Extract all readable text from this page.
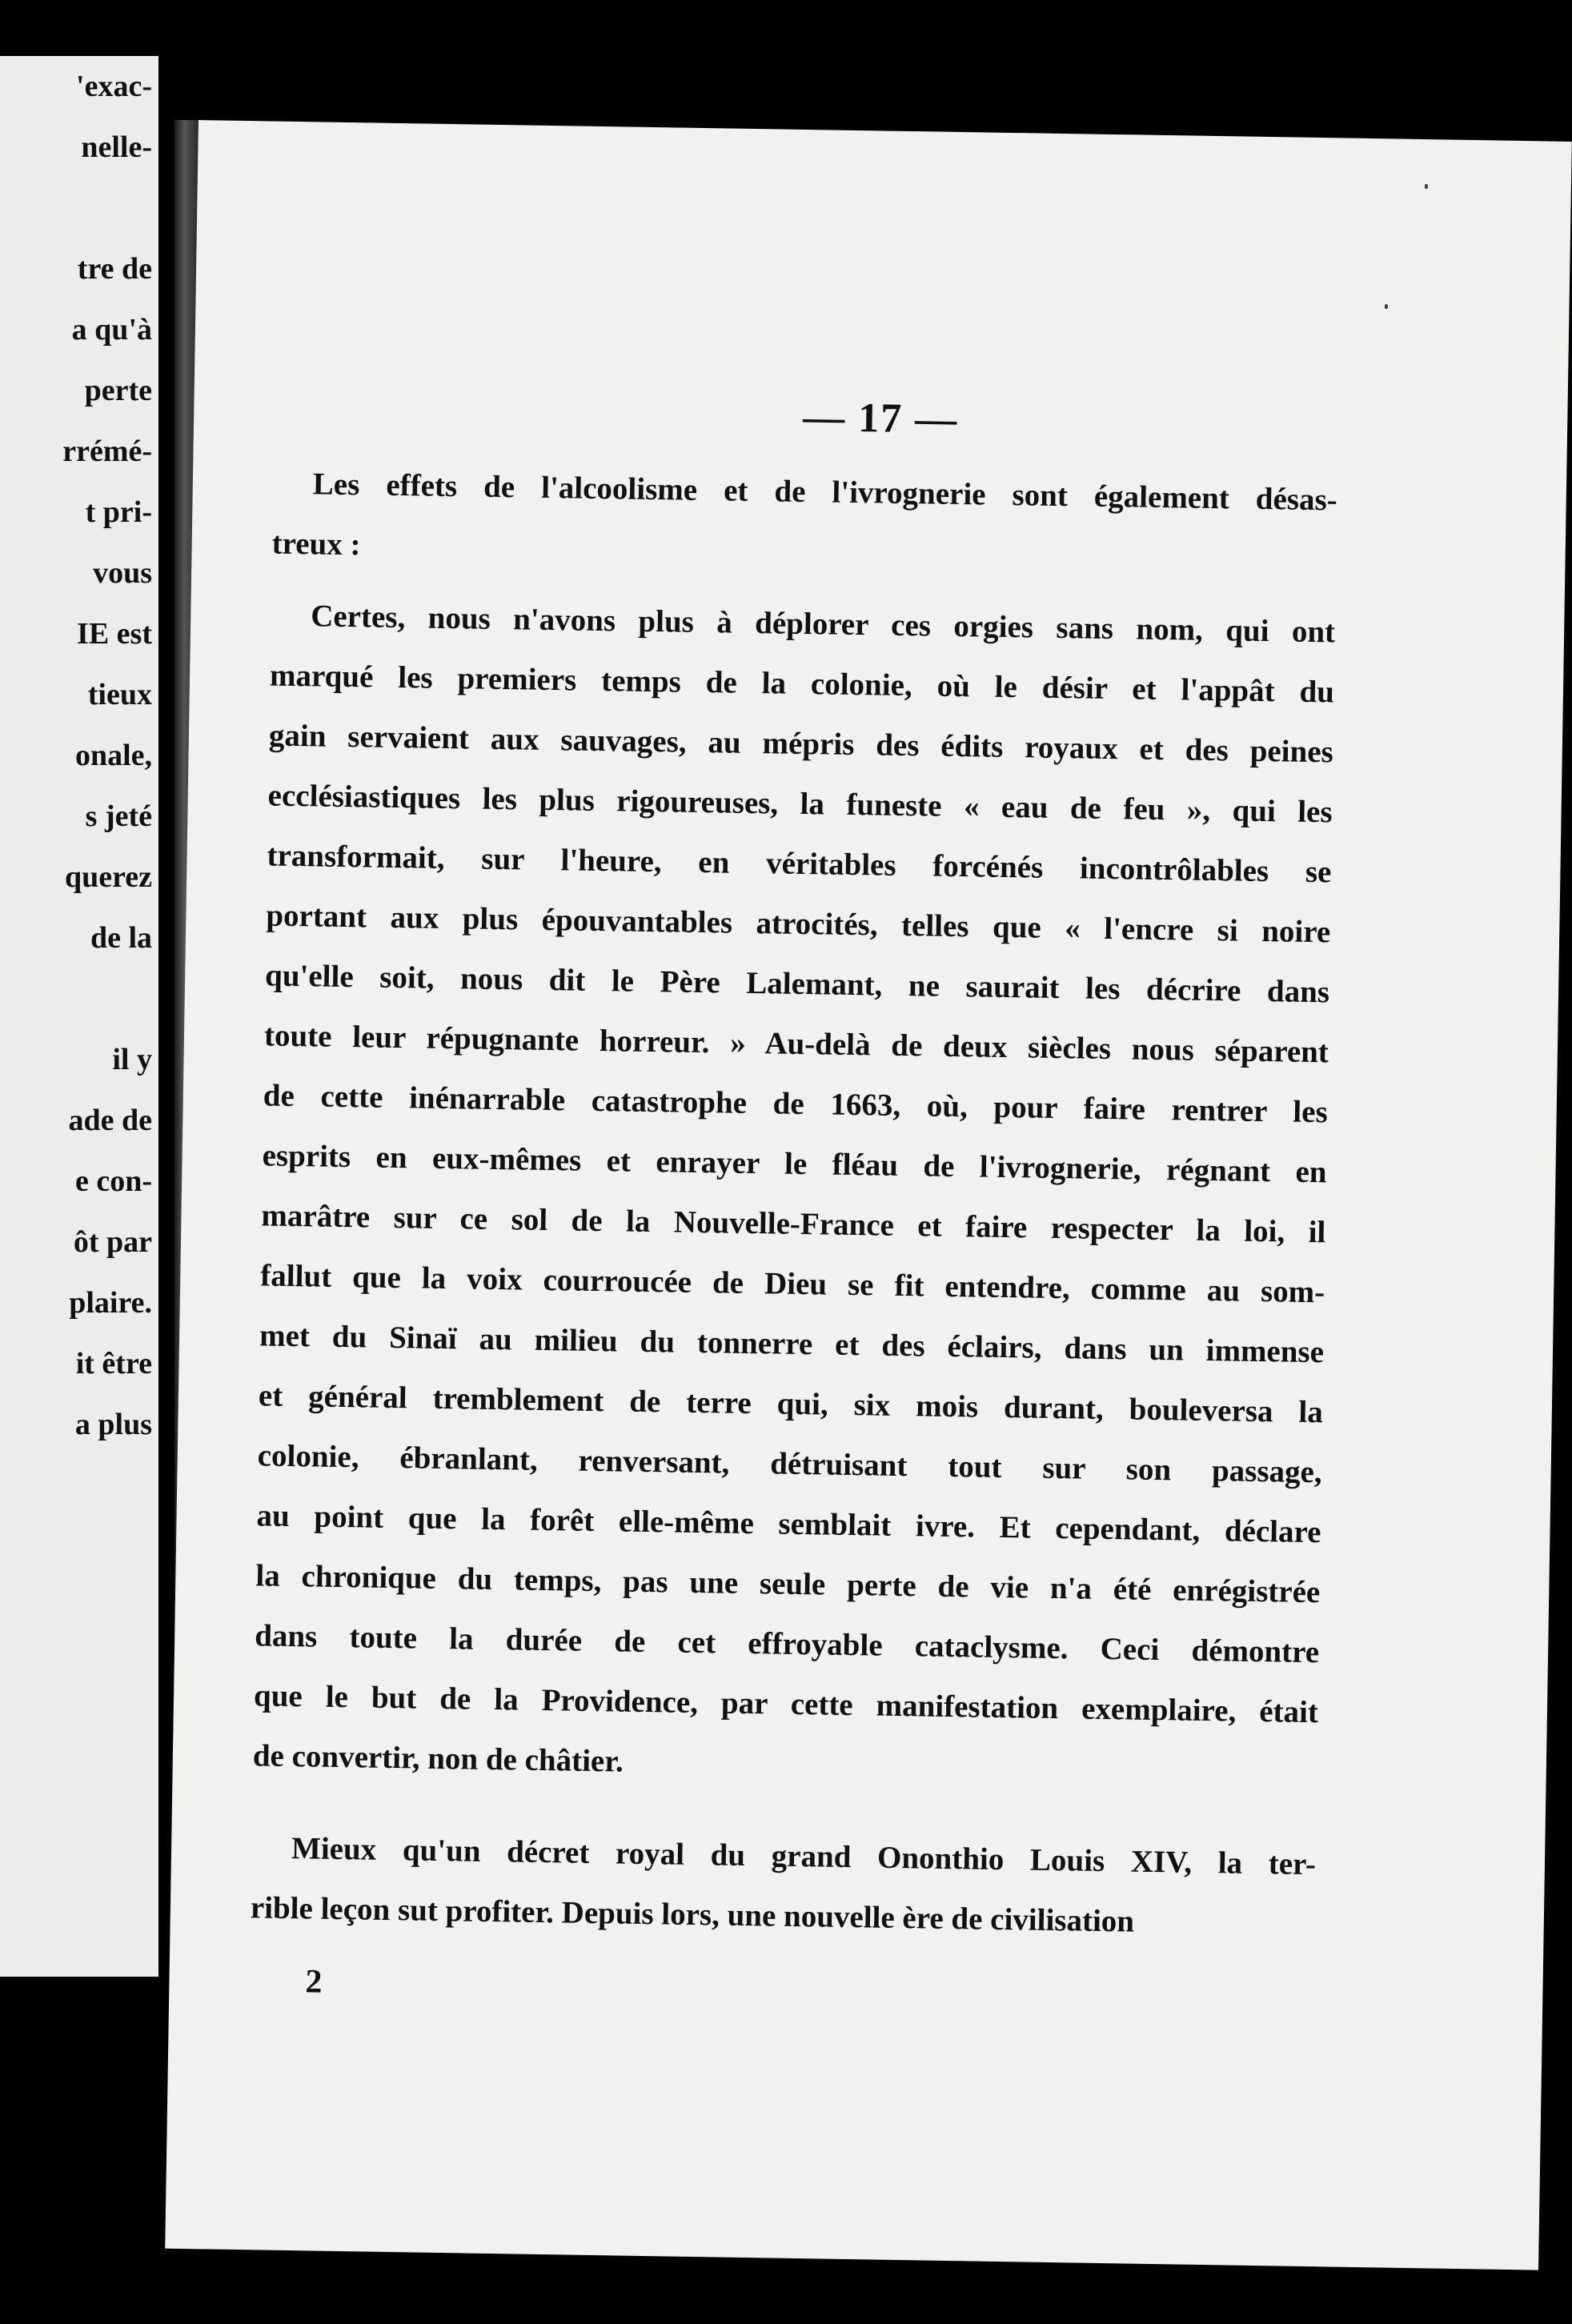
'exac-
nelle-
tre de
a qu'à
perte
rrémé-
t pri-
vous
IE est
tieux
onale,
s jeté
querez
de la
il y
ade de
e con-
ôt par
plaire.
it être
a plus
— 17 —
Les effets de l'alcoolisme et de l'ivrognerie sont également désas-
treux :
Certes, nous n'avons plus à déplorer ces orgies sans nom, qui ont
marqué les premiers temps de la colonie, où le désir et l'appât du
gain servaient aux sauvages, au mépris des édits royaux et des peines
ecclésiastiques les plus rigoureuses, la funeste « eau de feu », qui les
transformait, sur l'heure, en véritables forcénés incontrôlables se
portant aux plus épouvantables atrocités, telles que « l'encre si noire
qu'elle soit, nous dit le Père Lalemant, ne saurait les décrire dans
toute leur répugnante horreur. » Au-delà de deux siècles nous séparent
de cette inénarrable catastrophe de 1663, où, pour faire rentrer les
esprits en eux-mêmes et enrayer le fléau de l'ivrognerie, régnant en
marâtre sur ce sol de la Nouvelle-France et faire respecter la loi, il
fallut que la voix courroucée de Dieu se fit entendre, comme au som-
met du Sinaï au milieu du tonnerre et des éclairs, dans un immense
et général tremblement de terre qui, six mois durant, bouleversa la
colonie, ébranlant, renversant, détruisant tout sur son passage,
au point que la forêt elle-même semblait ivre. Et cependant, déclare
la chronique du temps, pas une seule perte de vie n'a été enrégistrée
dans toute la durée de cet effroyable cataclysme. Ceci démontre
que le but de la Providence, par cette manifestation exemplaire, était
de convertir, non de châtier.
Mieux qu'un décret royal du grand Ononthio Louis XIV, la ter-
rible leçon sut profiter. Depuis lors, une nouvelle ère de civilisation
2
